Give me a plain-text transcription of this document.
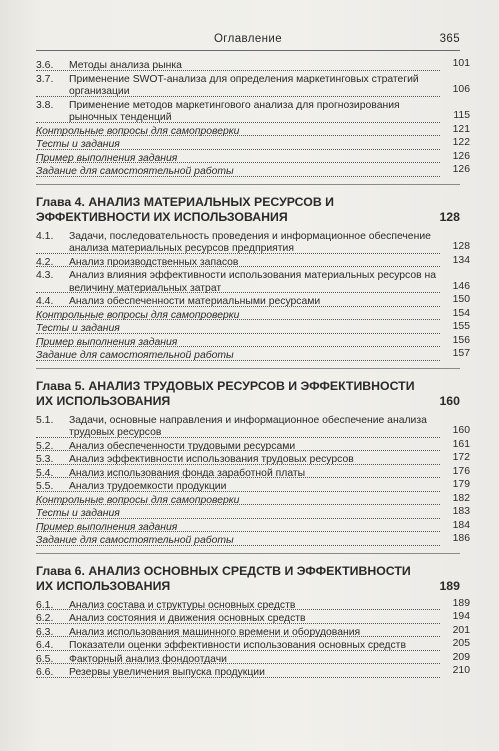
Оглавление	365
3.6.	Методы анализа рынка	101
3.7.	Применение SWOT-анализа для определения маркетинговых стратегий организации	106
3.8.	Применение методов маркетингового анализа для прогнозирования рыночных тенденций	115
Контрольные вопросы для самопроверки	121
Тесты и задания	122
Пример выполнения задания	126
Задание для самостоятельной работы	126
Глава 4. АНАЛИЗ МАТЕРИАЛЬНЫХ РЕСУРСОВ И ЭФФЕКТИВНОСТИ ИХ ИСПОЛЬЗОВАНИЯ	128
4.1.	Задачи, последовательность проведения и информационное обеспечение анализа материальных ресурсов предприятия	128
4.2.	Анализ производственных запасов	134
4.3.	Анализ влияния эффективности использования материальных ресурсов на величину материальных затрат	146
4.4.	Анализ обеспеченности материальными ресурсами	150
Контрольные вопросы для самопроверки	154
Тесты и задания	155
Пример выполнения задания	156
Задание для самостоятельной работы	157
Глава 5. АНАЛИЗ ТРУДОВЫХ РЕСУРСОВ И ЭФФЕКТИВНОСТИ ИХ ИСПОЛЬЗОВАНИЯ	160
5.1.	Задачи, основные направления и информационное обеспечение анализа трудовых ресурсов	160
5.2.	Анализ обеспеченности трудовыми ресурсами	161
5.3.	Анализ эффективности использования трудовых ресурсов	172
5.4.	Анализ использования фонда заработной платы	176
5.5.	Анализ трудоемкости продукции	179
Контрольные вопросы для самопроверки	182
Тесты и задания	183
Пример выполнения задания	184
Задание для самостоятельной работы	186
Глава 6. АНАЛИЗ ОСНОВНЫХ СРЕДСТВ И ЭФФЕКТИВНОСТИ ИХ ИСПОЛЬЗОВАНИЯ	189
6.1.	Анализ состава и структуры основных средств	189
6.2.	Анализ состояния и движения основных средств	194
6.3.	Анализ использования машинного времени и оборудования	201
6.4.	Показатели оценки эффективности использования основных средств	205
6.5.	Факторный анализ фондоотдачи	209
6.6.	Резервы увеличения выпуска продукции	210
